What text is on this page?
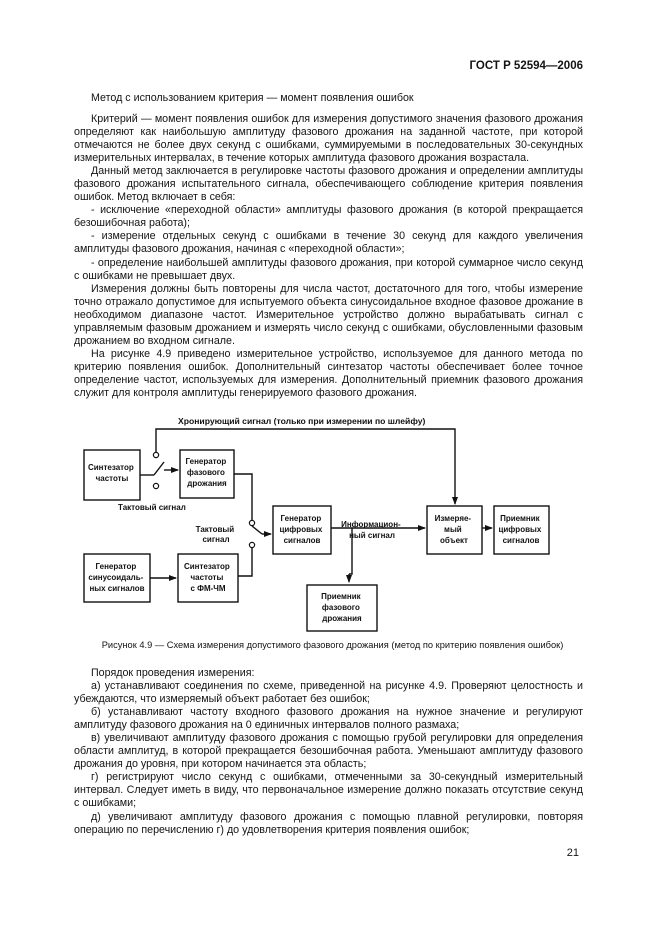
ГОСТ Р 52594—2006

Метод с использованием критерия — момент появления ошибок

Критерий — момент появления ошибок для измерения допустимого значения фазового дрожания определяют как наибольшую амплитуду фазового дрожания на заданной частоте, при которой отмечаются не более двух секунд с ошибками, суммируемыми в последовательных 30-секундных измерительных интервалах, в течение которых амплитуда фазового дрожания возрастала.

Данный метод заключается в регулировке частоты фазового дрожания и определении амплитуды фазового дрожания испытательного сигнала, обеспечивающего соблюдение критерия появления ошибок. Метод включает в себя:

- исключение «переходной области» амплитуды фазового дрожания (в которой прекращается безошибочная работа);

- измерение отдельных секунд с ошибками в течение 30 секунд для каждого увеличения амплитуды фазового дрожания, начиная с «переходной области»;

- определение наибольшей амплитуды фазового дрожания, при которой суммарное число секунд с ошибками не превышает двух.

Измерения должны быть повторены для числа частот, достаточного для того, чтобы измерение точно отражало допустимое для испытуемого объекта синусоидальное входное фазовое дрожание в необходимом диапазоне частот. Измерительное устройство должно вырабатывать сигнал с управляемым фазовым дрожанием и измерять число секунд с ошибками, обусловленными фазовым дрожанием во входном сигнале.

На рисунке 4.9 приведено измерительное устройство, используемое для данного метода по критерию появления ошибок. Дополнительный синтезатор частоты обеспечивает более точное определение частот, используемых для измерения. Дополнительный приемник фазового дрожания служит для контроля амплитуды генерируемого фазового дрожания.

Хронирующий сигнал (только при измерении по шлейфу)
Синтезатор частоты
Генератор фазового дрожания
Тактовый сигнал
Тактовый сигнал
Генератор цифровых сигналов
Информацион- ный сигнал
Измеряе- мый объект
Приемник цифровых сигналов
Генератор синусоидаль- ных сигналов
Синтезатор частоты с ФМ-ЧМ
Приемник фазового дрожания
Рисунок 4.9 — Схема измерения допустимого фазового дрожания (метод по критерию появления ошибок)

Порядок проведения измерения:

а) устанавливают соединения по схеме, приведенной на рисунке 4.9. Проверяют целостность и убеждаются, что измеряемый объект работает без ошибок;

б) устанавливают частоту входного фазового дрожания на нужное значение и регулируют амплитуду фазового дрожания на 0 единичных интервалов полного размаха;

в) увеличивают амплитуду фазового дрожания с помощью грубой регулировки для определения области амплитуд, в которой прекращается безошибочная работа. Уменьшают амплитуду фазового дрожания до уровня, при котором начинается эта область;

г) регистрируют число секунд с ошибками, отмеченными за 30-секундный измерительный интервал. Следует иметь в виду, что первоначальное измерение должно показать отсутствие секунд с ошибками;

д) увеличивают амплитуду фазового дрожания с помощью плавной регулировки, повторяя операцию по перечислению г) до удовлетворения критерия появления ошибок;

21
